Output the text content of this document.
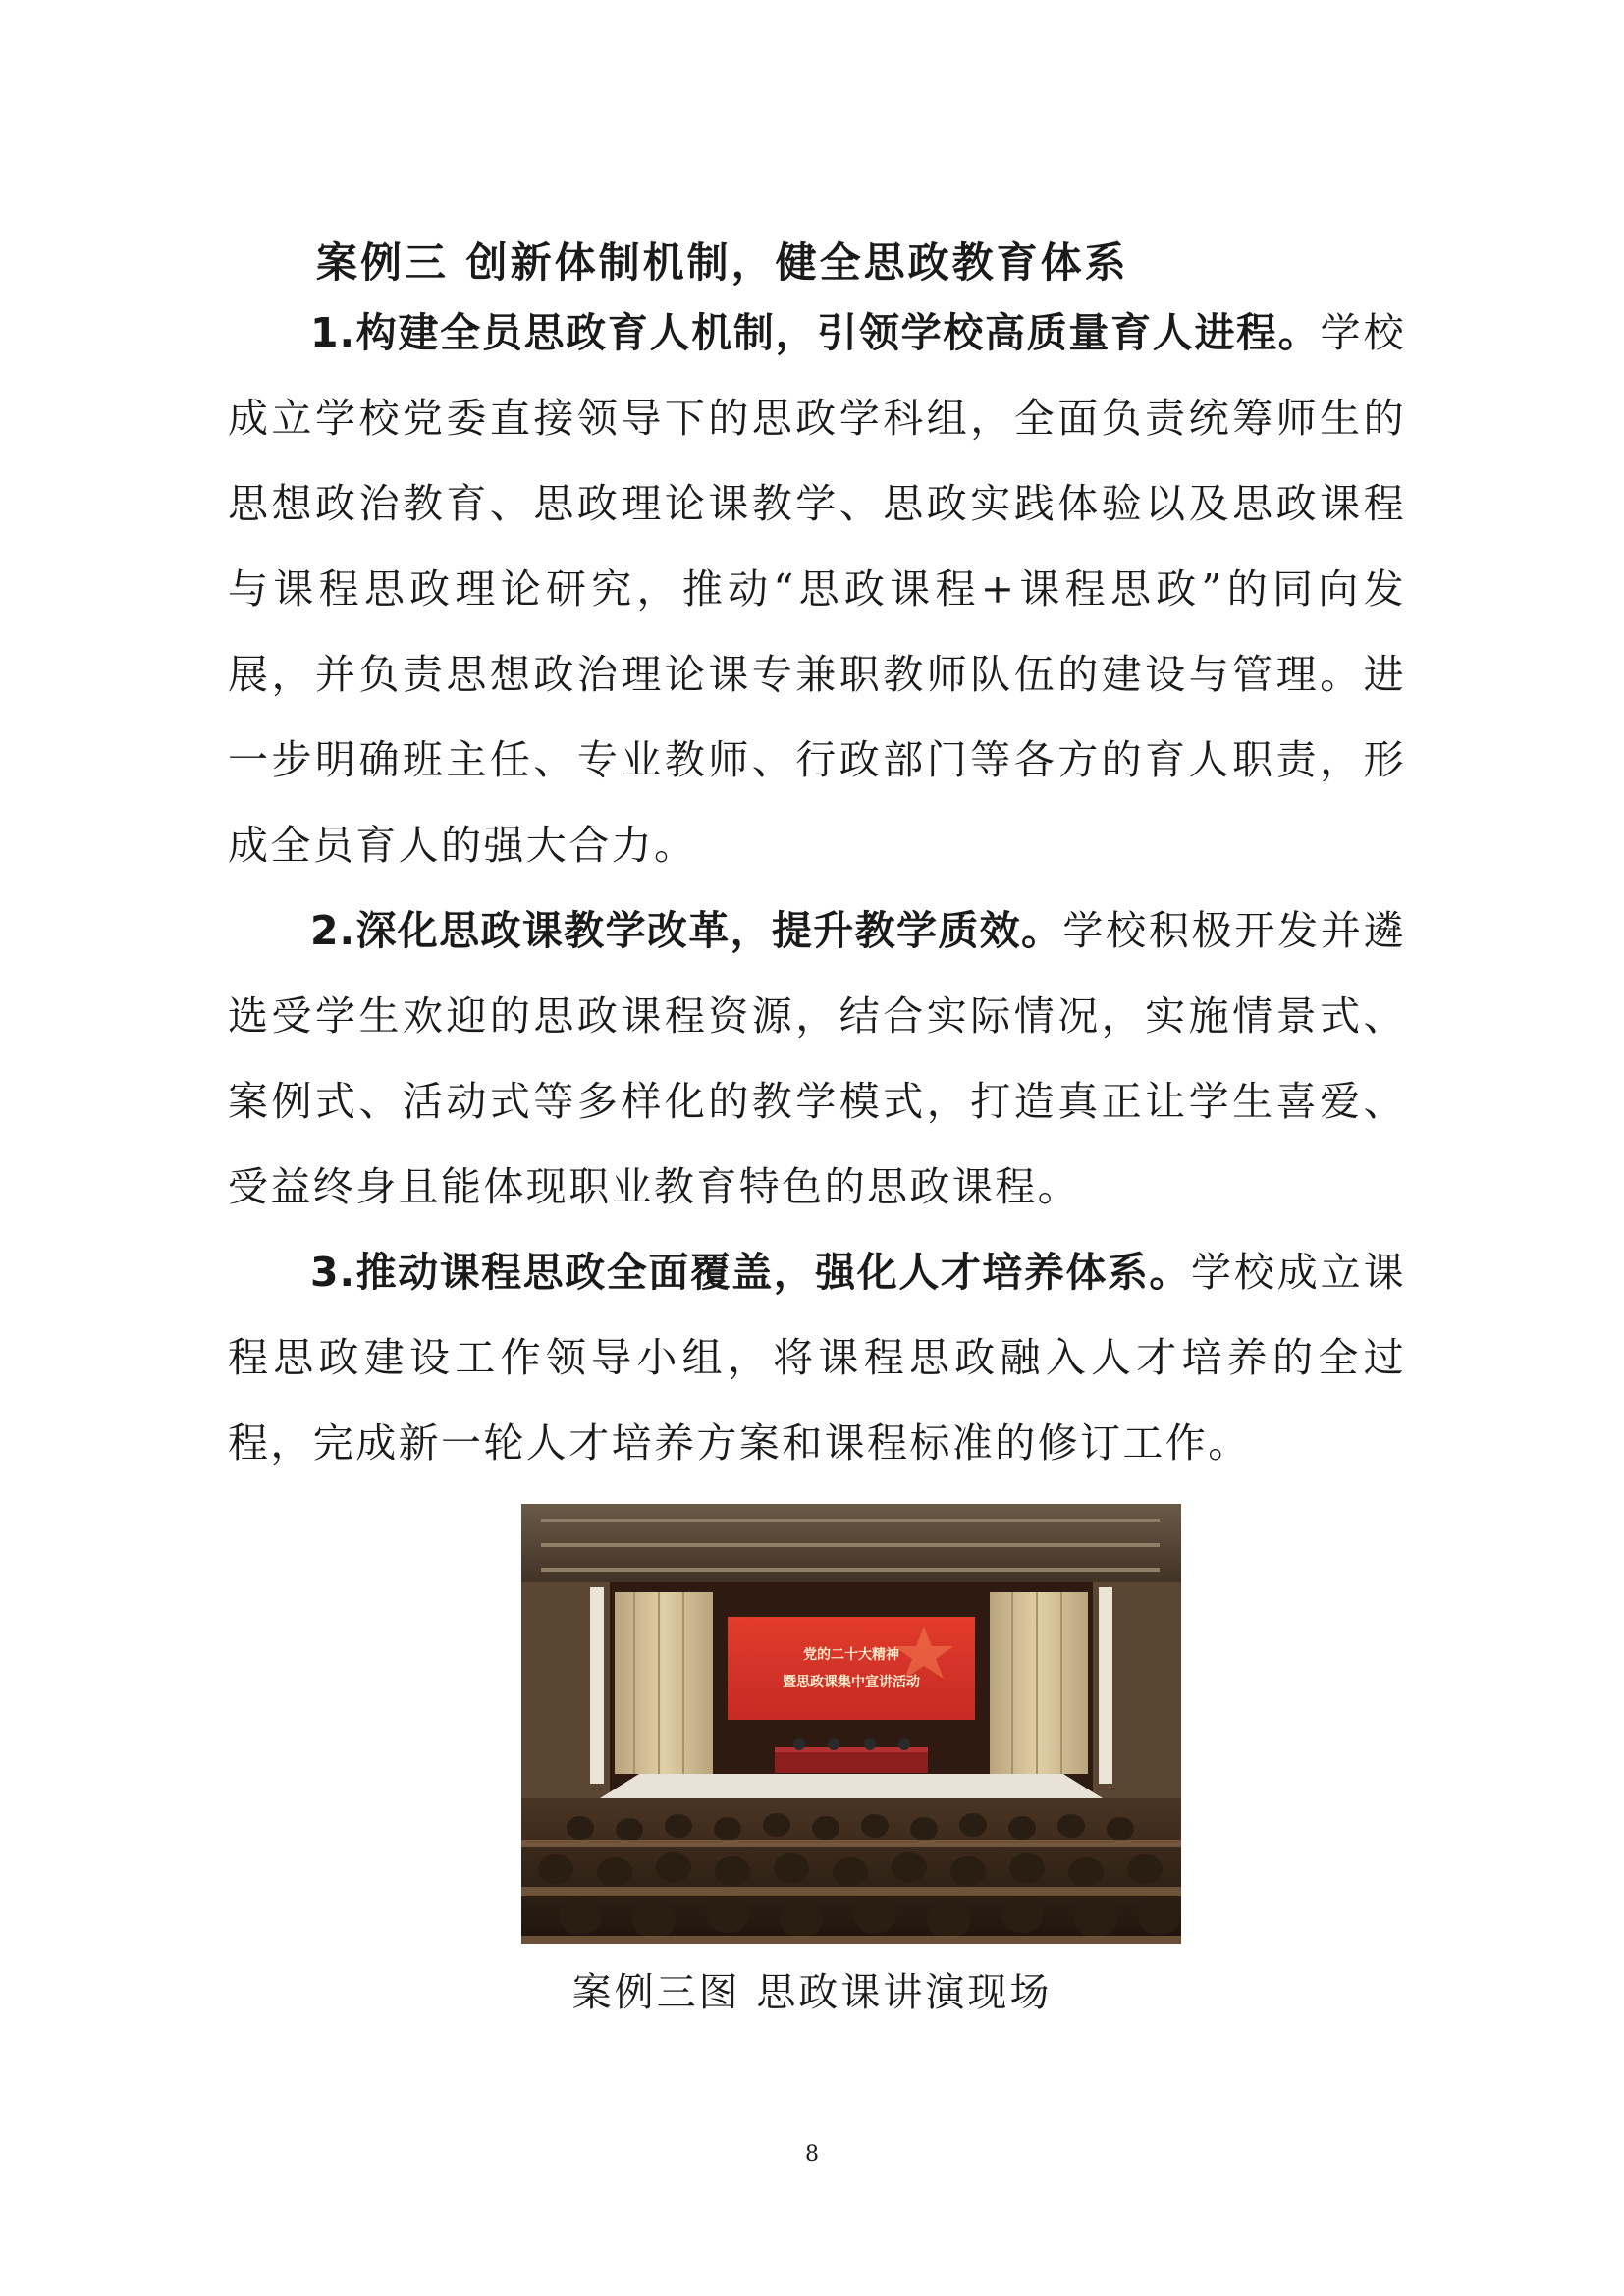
案例三 创新体制机制，健全思政教育体系

1.构建全员思政育人机制，引领学校高质量育人进程。学校成立学校党委直接领导下的思政学科组，全面负责统筹师生的思想政治教育、思政理论课教学、思政实践体验以及思政课程与课程思政理论研究，推动“思政课程+课程思政”的同向发展，并负责思想政治理论课专兼职教师队伍的建设与管理。进一步明确班主任、专业教师、行政部门等各方的育人职责，形成全员育人的强大合力。

2.深化思政课教学改革，提升教学质效。学校积极开发并遴选受学生欢迎的思政课程资源，结合实际情况，实施情景式、案例式、活动式等多样化的教学模式，打造真正让学生喜爱、受益终身且能体现职业教育特色的思政课程。

3.推动课程思政全面覆盖，强化人才培养体系。学校成立课程思政建设工作领导小组，将课程思政融入人才培养的全过程，完成新一轮人才培养方案和课程标准的修订工作。

党的二十大精神
暨思政课集中宣讲活动
案例三图 思政课讲演现场
8
